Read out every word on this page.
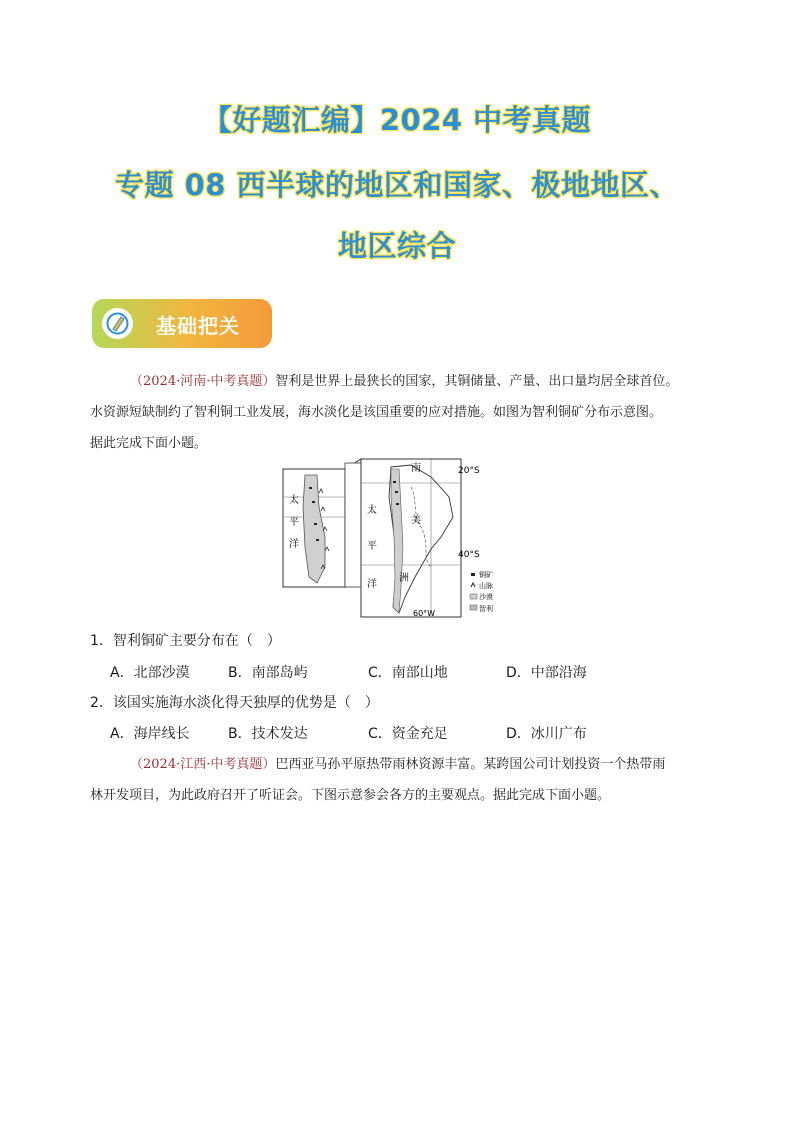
【好题汇编】2024 中考真题
专题 08 西半球的地区和国家、极地地区、
地区综合
基础把关
（2024·河南·中考真题）智利是世界上最狭长的国家，其铜储量、产量、出口量均居全球首位。
水资源短缺制约了智利铜工业发展，海水淡化是该国重要的应对措施。如图为智利铜矿分布示意图。
据此完成下面小题。
太
平
洋
南
美
洲
太
平
洋
20°S
40°S
60°W
铜矿
山脉
沙漠
智利
1．智利铜矿主要分布在（　）
A．北部沙漠	B．南部岛屿	C．南部山地	D．中部沿海
2．该国实施海水淡化得天独厚的优势是（　）
A．海岸线长	B．技术发达	C．资金充足	D．冰川广布
（2024·江西·中考真题）巴西亚马孙平原热带雨林资源丰富。某跨国公司计划投资一个热带雨
林开发项目，为此政府召开了听证会。下图示意参会各方的主要观点。据此完成下面小题。
